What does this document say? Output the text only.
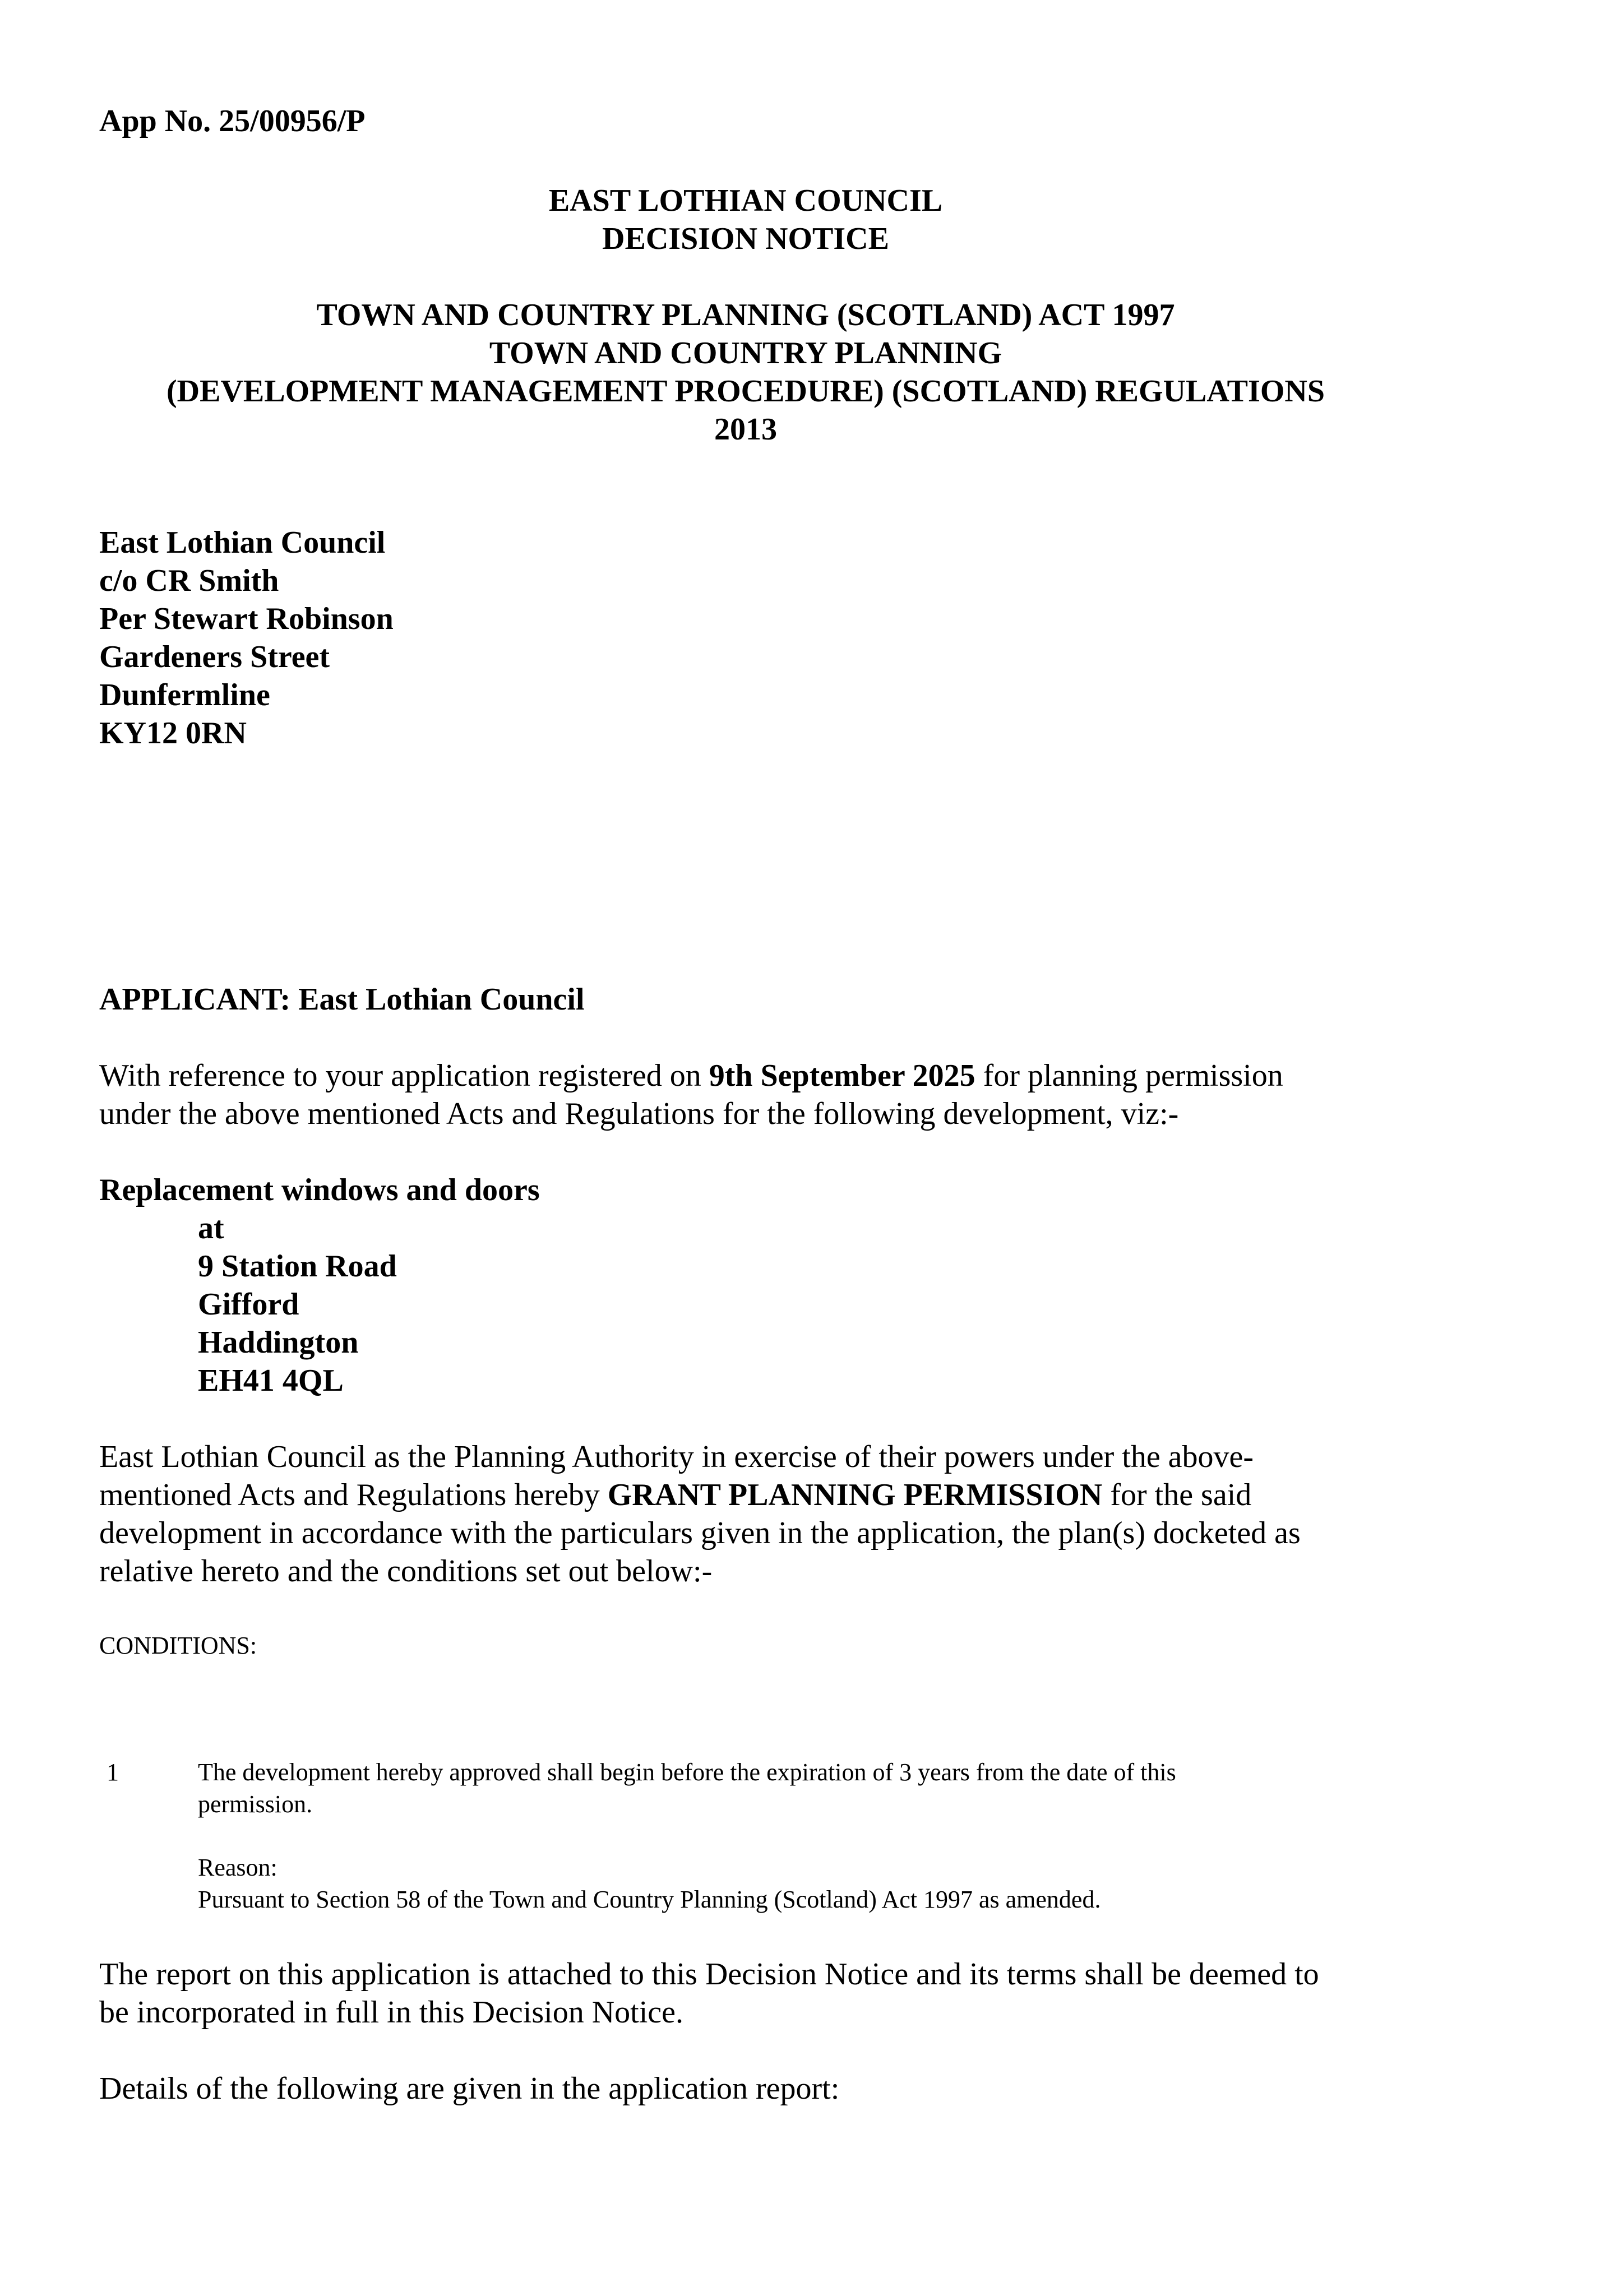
App No. 25/00956/P
EAST LOTHIAN COUNCIL
DECISION NOTICE
TOWN AND COUNTRY PLANNING (SCOTLAND) ACT 1997
TOWN AND COUNTRY PLANNING
(DEVELOPMENT MANAGEMENT PROCEDURE) (SCOTLAND) REGULATIONS
2013
East Lothian Council
c/o CR Smith
Per Stewart Robinson
Gardeners Street
Dunfermline
KY12 0RN
APPLICANT: East Lothian Council
With reference to your application registered on 9th September 2025 for planning permission
under the above mentioned Acts and Regulations for the following development, viz:-
Replacement windows and doors
at
9 Station Road
Gifford
Haddington
EH41 4QL
East Lothian Council as the Planning Authority in exercise of their powers under the above-
mentioned Acts and Regulations hereby GRANT PLANNING PERMISSION for the said
development in accordance with the particulars given in the application, the plan(s) docketed as
relative hereto and the conditions set out below:-
CONDITIONS:
1	The development hereby approved shall begin before the expiration of 3 years from the date of this
permission.
Reason:
Pursuant to Section 58 of the Town and Country Planning (Scotland) Act 1997 as amended.
The report on this application is attached to this Decision Notice and its terms shall be deemed to
be incorporated in full in this Decision Notice.
Details of the following are given in the application report:
